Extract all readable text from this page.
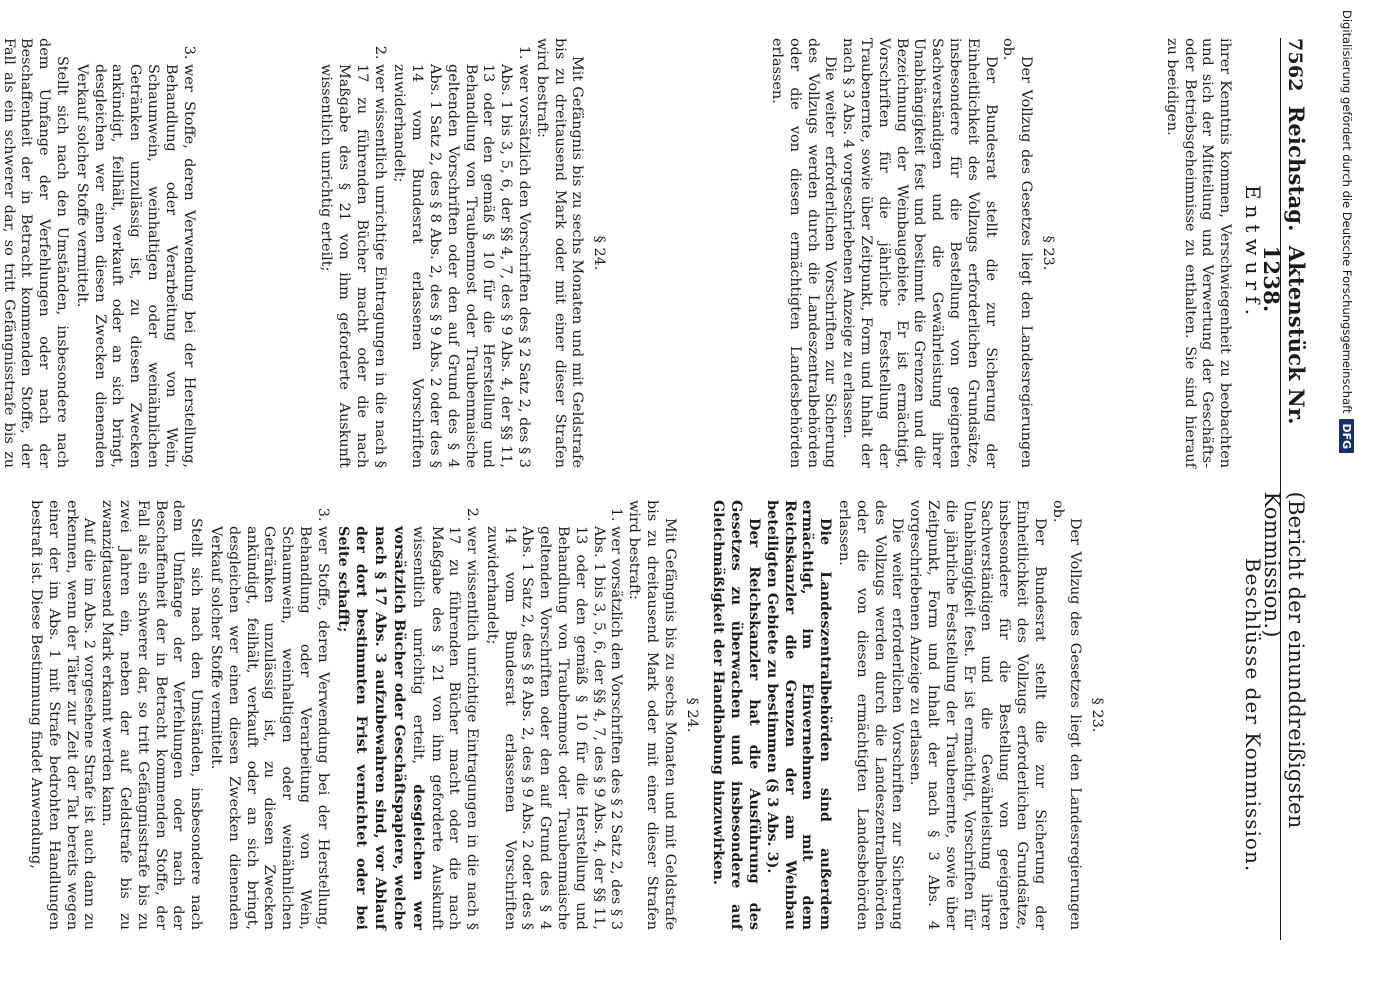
7562
Reichstag.
Aktenstück Nr. 1238.
(Bericht der einunddreißigsten Kommission.)
Entwurf.

ihrer Kenntnis kommen, Verschwiegenheit zu beobachten und sich der Mitteilung und Verwertung der Geschäfts- oder Betriebsgeheimnisse zu enthalten. Sie sind hierauf zu beeidigen.

§ 23.

Der Vollzug des Gesetzes liegt den Landesregierungen ob.

Der Bundesrat stellt die zur Sicherung der Einheitlichkeit des Vollzugs erforderlichen Grundsätze, insbesondere für die Bestellung von geeigneten Sachverständigen und die Gewährleistung ihrer Unabhängigkeit fest und bestimmt die Grenzen und die Bezeichnung der Weinbaugebiete. Er ist ermächtigt, Vorschriften für die jährliche Feststellung der Traubenernte, sowie über Zeitpunkt, Form und Inhalt der nach § 3 Abs. 4 vorgeschriebenen Anzeige zu erlassen.

Die weiter erforderlichen Vorschriften zur Sicherung des Vollzugs werden durch die Landeszentralbehörden oder die von diesen ermächtigten Landesbehörden erlassen.

§ 24.

Mit Gefängnis bis zu sechs Monaten und mit Geldstrafe bis zu dreitausend Mark oder mit einer dieser Strafen wird bestraft:

1. wer vorsätzlich den Vorschriften des § 2 Satz 2, des § 3 Abs. 1 bis 3, 5, 6, der §§ 4, 7, des § 9 Abs. 4, der §§ 11, 13 oder den gemäß § 10 für die Herstellung und Behandlung von Traubenmost oder Traubenmaische geltenden Vorschriften oder den auf Grund des § 4 Abs. 1 Satz 2, des § 8 Abs. 2, des § 9 Abs. 2 oder des § 14 vom Bundesrat erlassenen Vorschriften zuwiderhandelt;
2. wer wissentlich unrichtige Eintragungen in die nach § 17 zu führenden Bücher macht oder die nach Maßgabe des § 21 von ihm geforderte Auskunft wissentlich unrichtig erteilt;
3. wer Stoffe, deren Verwendung bei der Herstellung, Behandlung oder Verarbeitung von Wein, Schaumwein, weinhaltigen oder weinähnlichen Getränken unzulässig ist, zu diesen Zwecken ankündigt, feilhält, verkauft oder an sich bringt, desgleichen wer einen diesen Zwecken dienenden Verkauf solcher Stoffe vermittelt.

Stellt sich nach den Umständen, insbesondere nach dem Umfange der Verfehlungen oder nach der Beschaffenheit der in Betracht kommenden Stoffe, der Fall als ein schwerer dar, so tritt Gefängnisstrafe bis zu

Beschlüsse der Kommission.
§ 23.

Der Vollzug des Gesetzes liegt den Landesregierungen ob.

Der Bundesrat stellt die zur Sicherung der Einheitlichkeit des Vollzugs erforderlichen Grundsätze, insbesondere für die Bestellung von geeigneten Sachverständigen und die Gewährleistung ihrer Unabhängigkeit fest. Er ist ermächtigt, Vorschriften für die jährliche Feststellung der Traubenernte, sowie über Zeitpunkt, Form und Inhalt der nach § 3 Abs. 4 vorgeschriebenen Anzeige zu erlassen.

Die weiter erforderlichen Vorschriften zur Sicherung des Vollzugs werden durch die Landeszentralbehörden oder die von diesen ermächtigten Landesbehörden erlassen.

Die Landeszentralbehörden sind außerdem ermächtigt, im Einvernehmen mit dem Reichskanzler die Grenzen der am Weinbau beteiligten Gebiete zu bestimmen (§ 3 Abs. 3).

Der Reichskanzler hat die Ausführung des Gesetzes zu überwachen und insbesondere auf Gleichmäßigkeit der Handhabung hinzuwirken.

§ 24.

Mit Gefängnis bis zu sechs Monaten und mit Geldstrafe bis zu dreitausend Mark oder mit einer dieser Strafen wird bestraft:

1. wer vorsätzlich den Vorschriften des § 2 Satz 2, des § 3 Abs. 1 bis 3, 5, 6, der §§ 4, 7, des § 9 Abs. 4, der §§ 11, 13 oder den gemäß § 10 für die Herstellung und Behandlung von Traubenmost oder Traubenmaische geltenden Vorschriften oder den auf Grund des § 4 Abs. 1 Satz 2, des § 8 Abs. 2, des § 9 Abs. 2 oder des § 14 vom Bundesrat erlassenen Vorschriften zuwiderhandelt;
2. wer wissentlich unrichtige Eintragungen in die nach § 17 zu führenden Bücher macht oder die nach Maßgabe des § 21 von ihm geforderte Auskunft wissentlich unrichtig erteilt, desgleichen wer vorsätzlich Bücher oder Geschäftspapiere, welche nach § 17 Abs. 3 aufzubewahren sind, vor Ablauf der dort bestimmten Frist vernichtet oder bei Seite schafft;
3. wer Stoffe, deren Verwendung bei der Herstellung, Behandlung oder Verarbeitung von Wein, Schaumwein, weinhaltigen oder weinähnlichen Getränken unzulässig ist, zu diesen Zwecken ankündigt, feilhält, verkauft oder an sich bringt, desgleichen wer einen diesen Zwecken dienenden Verkauf solcher Stoffe vermittelt.

Stellt sich nach den Umständen, insbesondere nach dem Umfange der Verfehlungen oder nach der Beschaffenheit der in Betracht kommenden Stoffe, der Fall als ein schwerer dar, so tritt Gefängnisstrafe bis zu zwei Jahren ein, neben der auf Geldstrafe bis zu zwanzigtausend Mark erkannt werden kann.

Auf die im Abs. 2 vorgesehene Strafe ist auch dann zu erkennen, wenn der Täter zur Zeit der Tat bereits wegen einer der im Abs. 1 mit Strafe bedrohten Handlungen bestraft ist. Diese Bestimmung findet Anwendung,

Digitalisierung gefördert durch die Deutsche Forschungsgemeinschaft
DFG
